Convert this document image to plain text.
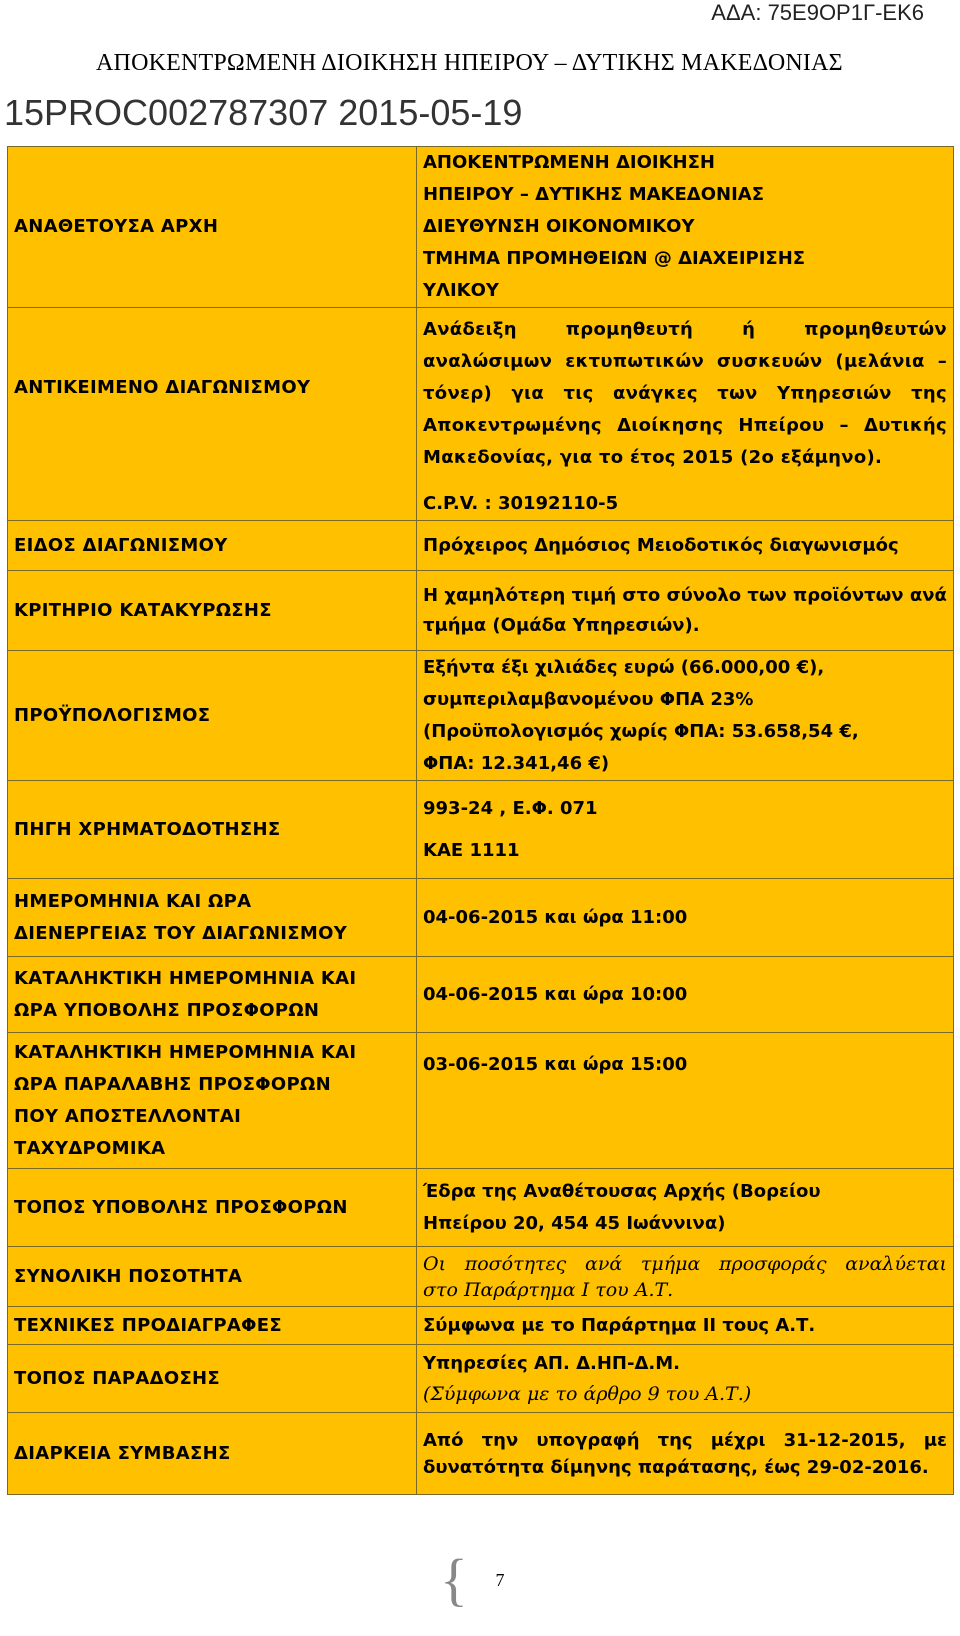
ΑΔΑ: 75Ε9ΟΡ1Γ-ΕΚ6
ΑΠΟΚΕΝΤΡΩΜΕΝΗ ΔΙΟΙΚΗΣΗ ΗΠΕΙΡΟΥ – ΔΥΤΙΚΗΣ ΜΑΚΕΔΟΝΙΑΣ
15PROC002787307 2015-05-19
ΑΝΑΘΕΤΟΥΣΑ ΑΡΧΗ	ΑΠΟΚΕΝΤΡΩΜΕΝΗ ΔΙΟΙΚΗΣΗ
ΗΠΕΙΡΟΥ – ΔΥΤΙΚΗΣ ΜΑΚΕΔΟΝΙΑΣ
ΔΙΕΥΘΥΝΣΗ ΟΙΚΟΝΟΜΙΚΟΥ
ΤΜΗΜΑ ΠΡΟΜΗΘΕΙΩΝ @ ΔΙΑΧΕΙΡΙΣΗΣ
ΥΛΙΚΟΥ

ΑΝΤΙΚΕΙΜΕΝΟ ΔΙΑΓΩΝΙΣΜΟΥ	Ανάδειξη προμηθευτή ή προμηθευτών αναλώσιμων εκτυπωτικών συσκευών (μελάνια – τόνερ) για τις ανάγκες των Υπηρεσιών της Αποκεντρωμένης Διοίκησης Ηπείρου – Δυτικής Μακεδονίας, για το έτος 2015 (2ο εξάμηνο).
C.P.V. : 30192110-5

ΕΙΔΟΣ ΔΙΑΓΩΝΙΣΜΟΥ	Πρόχειρος Δημόσιος Μειοδοτικός διαγωνισμός
ΚΡΙΤΗΡΙΟ ΚΑΤΑΚΥΡΩΣΗΣ	Η χαμηλότερη τιμή στο σύνολο των προϊόντων ανά τμήμα (Ομάδα Υπηρεσιών).
ΠΡΟΫΠΟΛΟΓΙΣΜΟΣ	Εξήντα έξι χιλιάδες ευρώ (66.000,00 €),
συμπεριλαμβανομένου ΦΠΑ 23%
(Προϋπολογισμός χωρίς ΦΠΑ: 53.658,54 €,
ΦΠΑ: 12.341,46 €)

ΠΗΓΗ ΧΡΗΜΑΤΟΔΟΤΗΣΗΣ	993-24 , Ε.Φ. 071
ΚΑΕ 1111

ΗΜΕΡΟΜΗΝΙΑ ΚΑΙ ΩΡΑ
ΔΙΕΝΕΡΓΕΙΑΣ ΤΟΥ ΔΙΑΓΩΝΙΣΜΟΥ	04-06-2015 και ώρα 11:00

ΚΑΤΑΛΗΚΤΙΚΗ ΗΜΕΡΟΜΗΝΙΑ ΚΑΙ
ΩΡΑ ΥΠΟΒΟΛΗΣ ΠΡΟΣΦΟΡΩΝ	04-06-2015 και ώρα 10:00

ΚΑΤΑΛΗΚΤΙΚΗ ΗΜΕΡΟΜΗΝΙΑ ΚΑΙ
ΩΡΑ ΠΑΡΑΛΑΒΗΣ ΠΡΟΣΦΟΡΩΝ
ΠΟΥ ΑΠΟΣΤΕΛΛΟΝΤΑΙ
ΤΑΧΥΔΡΟΜΙΚΑ	03-06-2015 και ώρα 15:00
ΤΟΠΟΣ ΥΠΟΒΟΛΗΣ ΠΡΟΣΦΟΡΩΝ	Έδρα της Αναθέτουσας Αρχής (Βορείου
Ηπείρου 20, 454 45 Ιωάννινα)

ΣΥΝΟΛΙΚΗ ΠΟΣΟΤΗΤΑ	Οι ποσότητες ανά τμήμα προσφοράς αναλύεται
στο Παράρτημα Ι του Α.Τ.

ΤΕΧΝΙΚΕΣ ΠΡΟΔΙΑΓΡΑΦΕΣ	Σύμφωνα με το Παράρτημα ΙΙ τους Α.Τ.
ΤΟΠΟΣ ΠΑΡΑΔΟΣΗΣ	Υπηρεσίες ΑΠ. Δ.ΗΠ-Δ.Μ.
(Σύμφωνα με το άρθρο 9 του Α.Τ.)

ΔΙΑΡΚΕΙΑ ΣΥΜΒΑΣΗΣ	Από την υπογραφή της μέχρι 31-12-2015, με δυνατότητα δίμηνης παράτασης, έως 29-02-2016.
{	7
